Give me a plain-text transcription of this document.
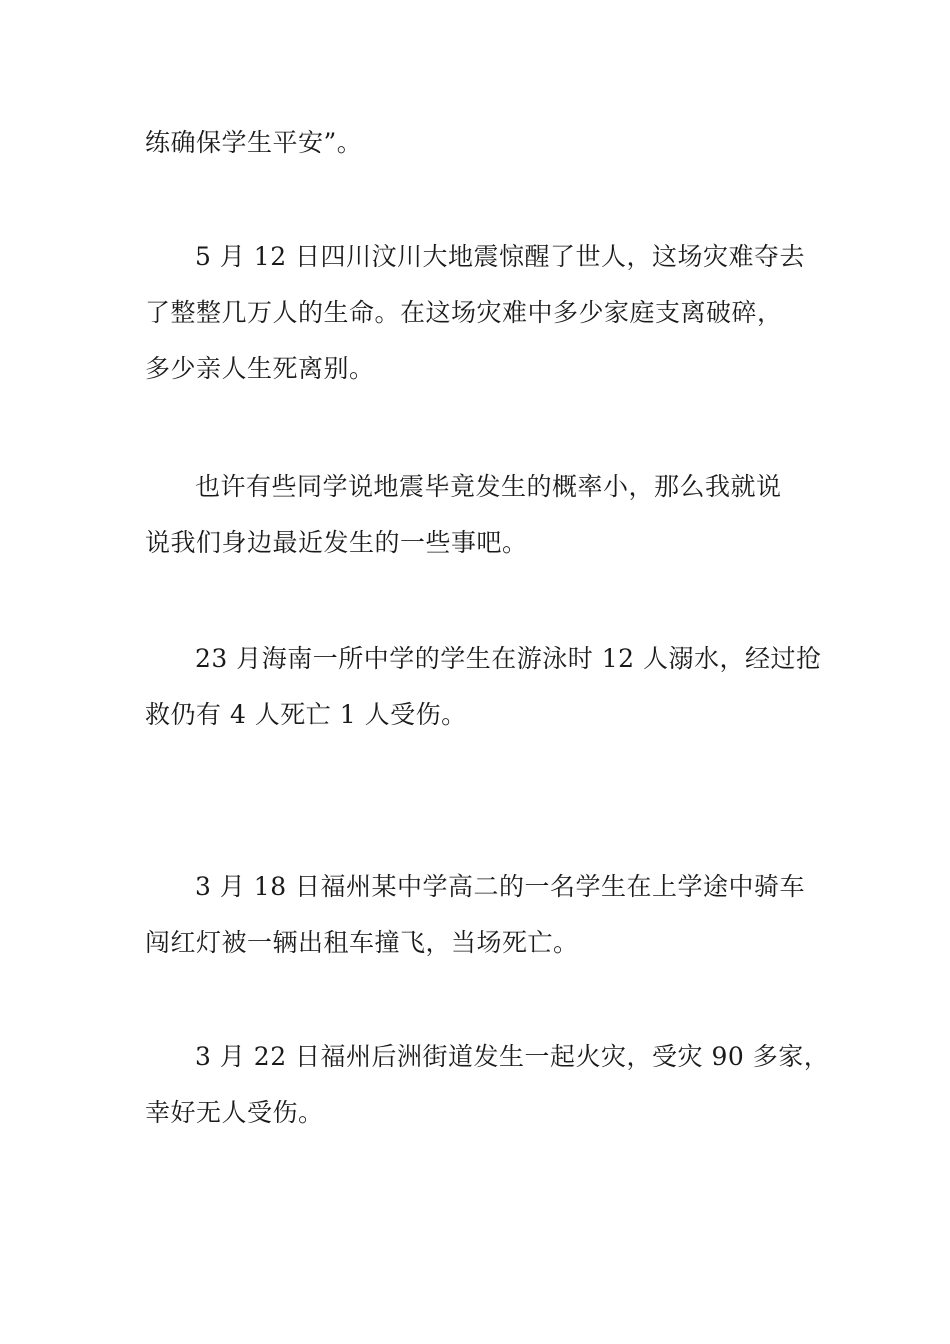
练确保学生平安”。

5 月 12 日四川汶川大地震惊醒了世人，这场灾难夺去
了整整几万人的生命。在这场灾难中多少家庭支离破碎，
多少亲人生死离别。

也许有些同学说地震毕竟发生的概率小，那么我就说
说我们身边最近发生的一些事吧。

23 月海南一所中学的学生在游泳时 12 人溺水，经过抢
救仍有 4 人死亡 1 人受伤。

3 月 18 日福州某中学高二的一名学生在上学途中骑车
闯红灯被一辆出租车撞飞，当场死亡。

3 月 22 日福州后洲街道发生一起火灾，受灾 90 多家，
幸好无人受伤。
